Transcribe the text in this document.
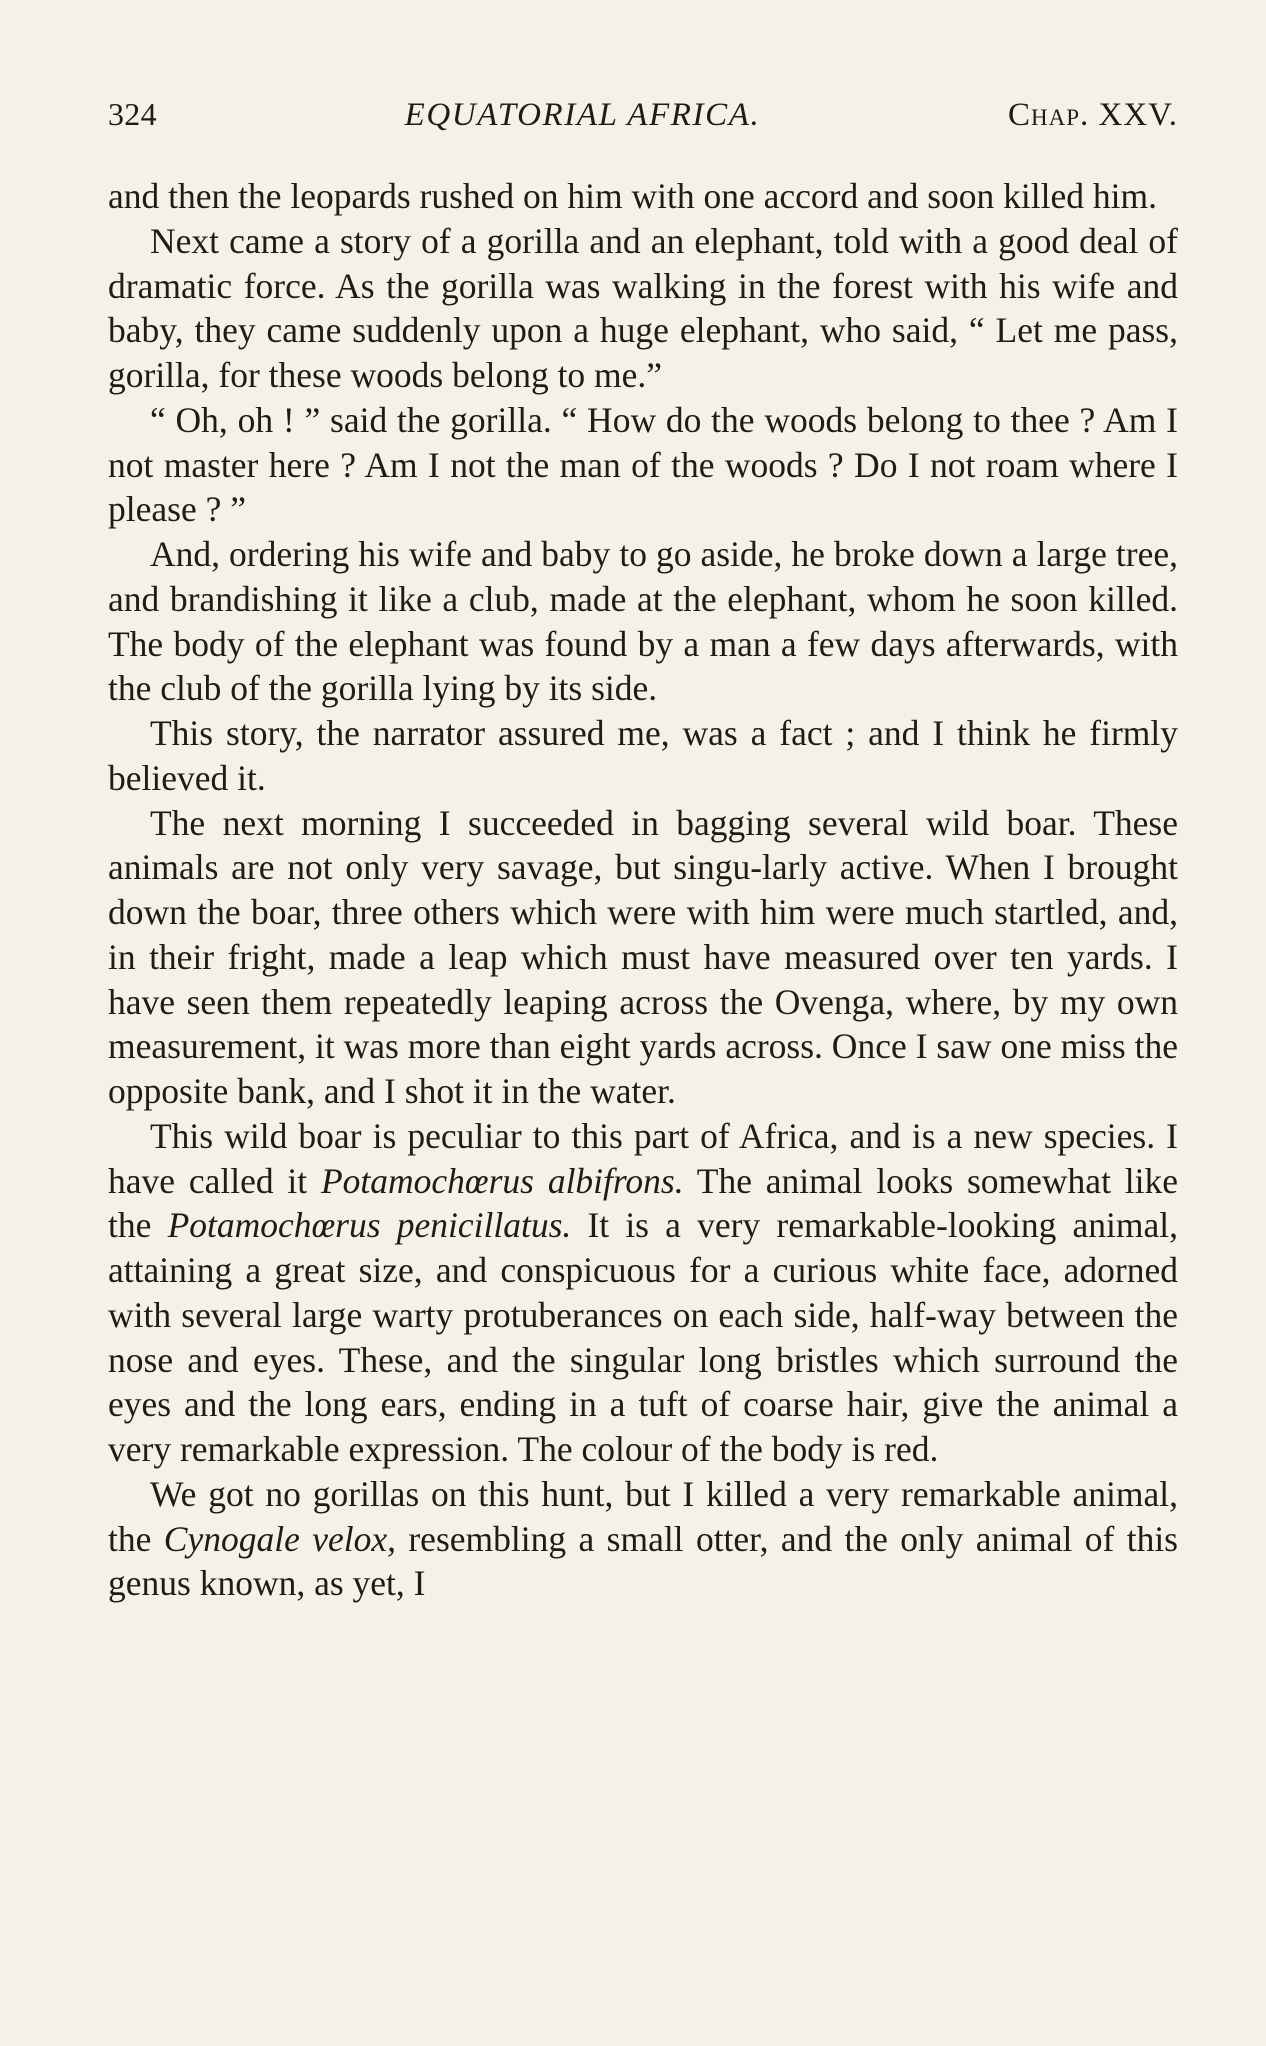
324	EQUATORIAL AFRICA.	Chap. XXV.

and then the leopards rushed on him with one accord and soon killed him.

Next came a story of a gorilla and an elephant, told with a good deal of dramatic force. As the gorilla was walking in the forest with his wife and baby, they came suddenly upon a huge elephant, who said, “ Let me pass, gorilla, for these woods belong to me.”

“ Oh, oh ! ” said the gorilla. “ How do the woods belong to thee ? Am I not master here ? Am I not the man of the woods ? Do I not roam where I please ? ”

And, ordering his wife and baby to go aside, he broke down a large tree, and brandishing it like a club, made at the elephant, whom he soon killed. The body of the elephant was found by a man a few days afterwards, with the club of the gorilla lying by its side.

This story, the narrator assured me, was a fact ; and I think he firmly believed it.

The next morning I succeeded in bagging several wild boar. These animals are not only very savage, but singu-larly active. When I brought down the boar, three others which were with him were much startled, and, in their fright, made a leap which must have measured over ten yards. I have seen them repeatedly leaping across the Ovenga, where, by my own measurement, it was more than eight yards across. Once I saw one miss the opposite bank, and I shot it in the water.

This wild boar is peculiar to this part of Africa, and is a new species. I have called it Potamochœrus albifrons. The animal looks somewhat like the Potamochœrus penicillatus. It is a very remarkable-looking animal, attaining a great size, and conspicuous for a curious white face, adorned with several large warty protuberances on each side, half-way between the nose and eyes. These, and the singular long bristles which surround the eyes and the long ears, ending in a tuft of coarse hair, give the animal a very remarkable expression. The colour of the body is red.

We got no gorillas on this hunt, but I killed a very remarkable animal, the Cynogale velox, resembling a small otter, and the only animal of this genus known, as yet, I
